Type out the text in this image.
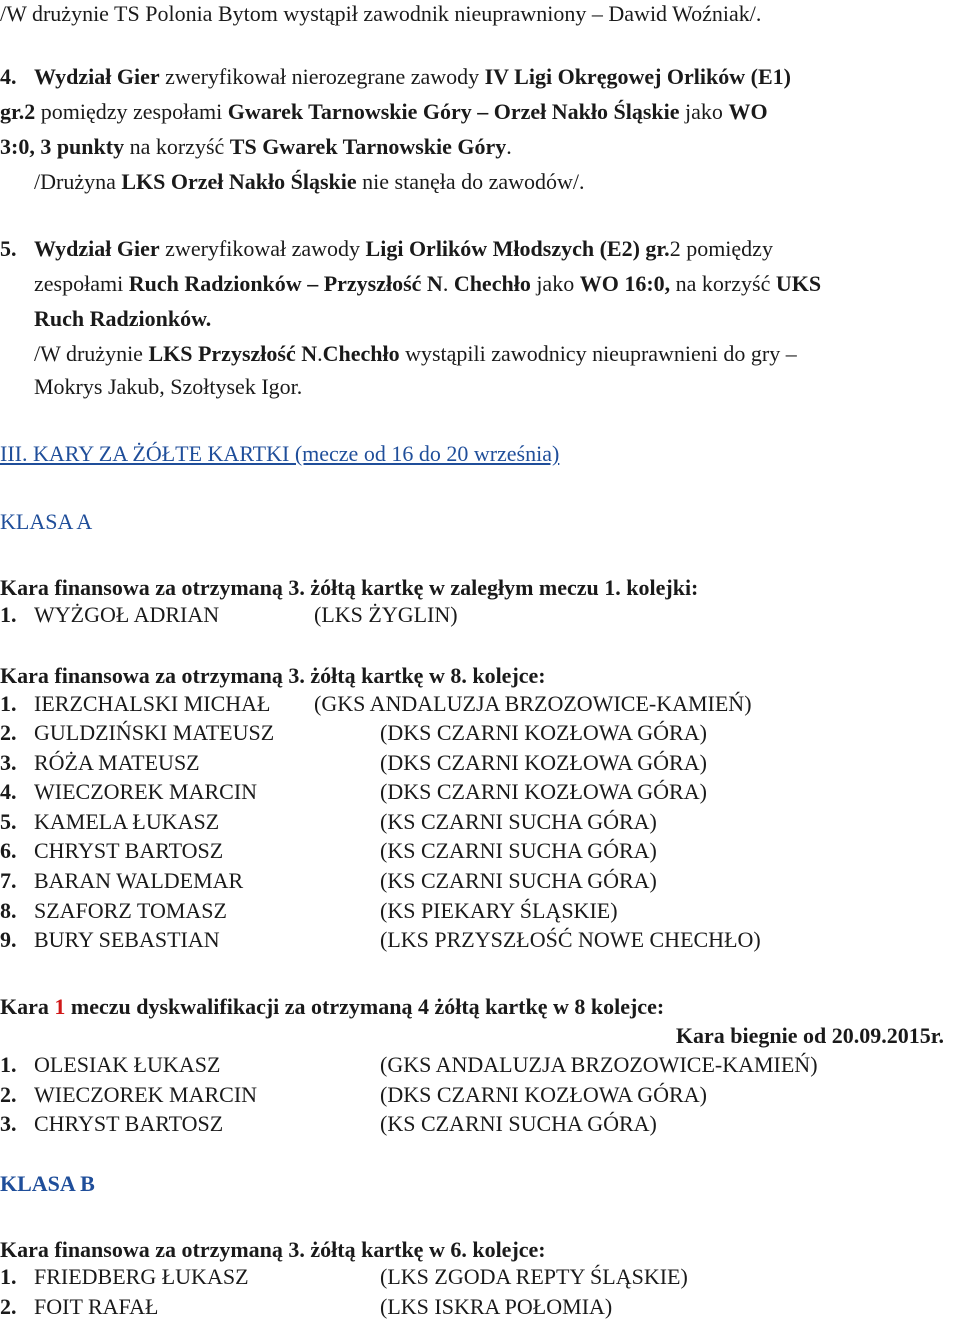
/W drużynie TS Polonia Bytom wystąpił zawodnik nieuprawniony – Dawid Woźniak/.
4. Wydział Gier zweryfikował nierozegrane zawody IV Ligi Okręgowej Orlików (E1)
gr.2 pomiędzy zespołami Gwarek Tarnowskie Góry – Orzeł Nakło Śląskie jako WO
3:0, 3 punkty na korzyść TS Gwarek Tarnowskie Góry.
/Drużyna LKS Orzeł Nakło Śląskie nie stanęła do zawodów/.
5. Wydział Gier zweryfikował zawody Ligi Orlików Młodszych (E2) gr.2 pomiędzy
zespołami Ruch Radzionków – Przyszłość N. Chechło jako WO 16:0, na korzyść UKS
Ruch Radzionków.
/W drużynie LKS Przyszłość N.Chechło wystąpili zawodnicy nieuprawnieni do gry –
Mokrys Jakub, Szołtysek Igor.
III. KARY ZA ŻÓŁTE KARTKI (mecze od 16 do 20 września)
KLASA A
Kara finansowa za otrzymaną 3. żółtą kartkę w zaległym meczu 1. kolejki:
1. WYŻGOŁ ADRIAN	(LKS ŻYGLIN)
Kara finansowa za otrzymaną 3. żółtą kartkę w 8. kolejce:
1. IERZCHALSKI MICHAŁ (GKS ANDALUZJA BRZOZOWICE-KAMIEŃ)
2. GULDZIŃSKI MATEUSZ	(DKS CZARNI KOZŁOWA GÓRA)
3. RÓŻA MATEUSZ	(DKS CZARNI KOZŁOWA GÓRA)
4. WIECZOREK MARCIN	(DKS CZARNI KOZŁOWA GÓRA)
5. KAMELA ŁUKASZ	(KS CZARNI SUCHA GÓRA)
6. CHRYST BARTOSZ	(KS CZARNI SUCHA GÓRA)
7. BARAN WALDEMAR	(KS CZARNI SUCHA GÓRA)
8. SZAFORZ TOMASZ	(KS PIEKARY ŚLĄSKIE)
9. BURY SEBASTIAN	(LKS PRZYSZŁOŚĆ NOWE CHECHŁO)
Kara 1 meczu dyskwalifikacji za otrzymaną 4 żółtą kartkę w 8 kolejce:
Kara biegnie od 20.09.2015r.
1. OLESIAK ŁUKASZ	(GKS ANDALUZJA BRZOZOWICE-KAMIEŃ)
2. WIECZOREK MARCIN	(DKS CZARNI KOZŁOWA GÓRA)
3. CHRYST BARTOSZ	(KS CZARNI SUCHA GÓRA)
KLASA B
Kara finansowa za otrzymaną 3. żółtą kartkę w 6. kolejce:
1. FRIEDBERG ŁUKASZ	(LKS ZGODA REPTY ŚLĄSKIE)
2. FOIT RAFAŁ	(LKS ISKRA POŁOMIA)
